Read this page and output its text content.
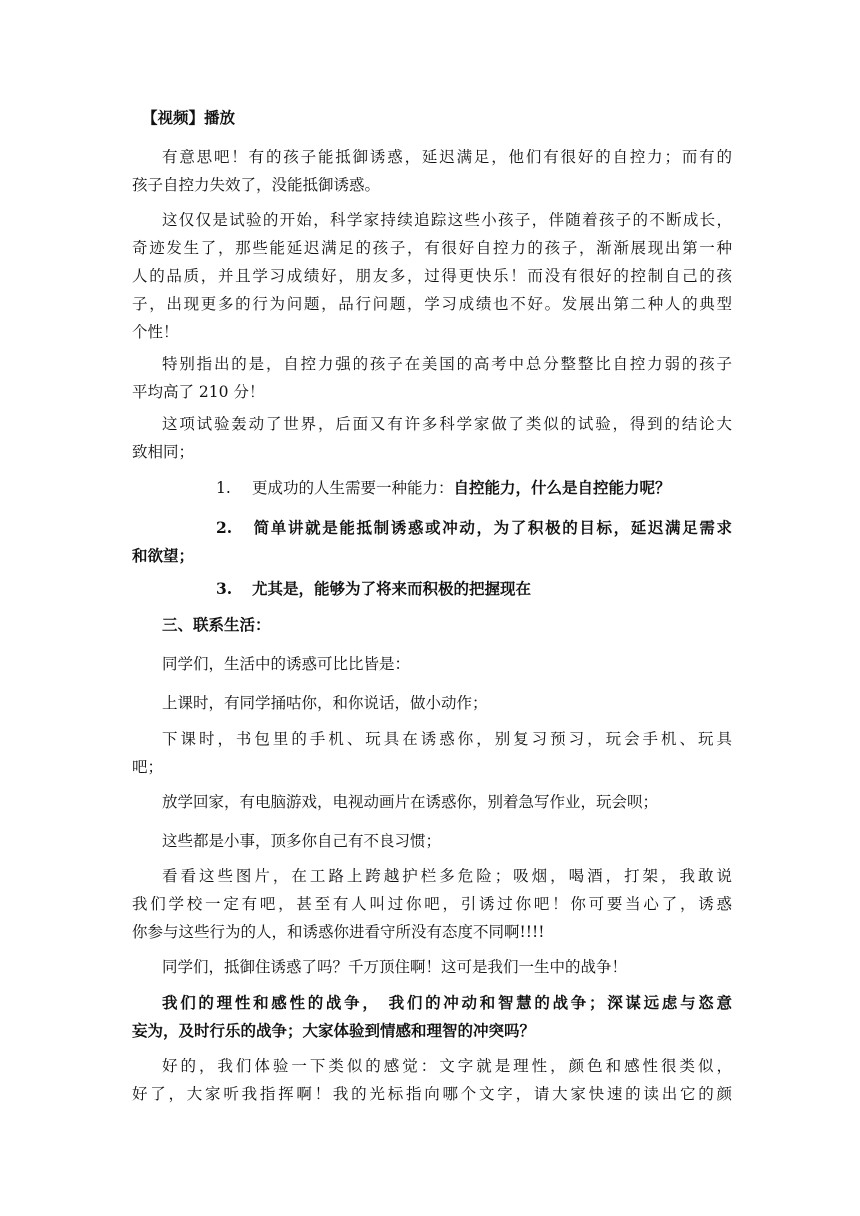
【视频】播放
有意思吧！有的孩子能抵御诱惑，延迟满足，他们有很好的自控力；而有的
孩子自控力失效了，没能抵御诱惑。
这仅仅是试验的开始，科学家持续追踪这些小孩子，伴随着孩子的不断成长，
奇迹发生了，那些能延迟满足的孩子，有很好自控力的孩子，渐渐展现出第一种
人的品质，并且学习成绩好，朋友多，过得更快乐！而没有很好的控制自己的孩
子，出现更多的行为问题，品行问题，学习成绩也不好。发展出第二种人的典型
个性！
特别指出的是，自控力强的孩子在美国的高考中总分整整比自控力弱的孩子
平均高了 210 分！
这项试验轰动了世界，后面又有许多科学家做了类似的试验，得到的结论大
致相同；
1. 更成功的人生需要一种能力：自控能力，什么是自控能力呢？
2. 简单讲就是能抵制诱惑或冲动，为了积极的目标，延迟满足需求
和欲望；
3. 尤其是，能够为了将来而积极的把握现在
三、联系生活：
同学们，生活中的诱惑可比比皆是：
上课时，有同学捅咕你，和你说话，做小动作；
下课时，书包里的手机、玩具在诱惑你，别复习预习，玩会手机、玩具
吧；
放学回家，有电脑游戏，电视动画片在诱惑你，别着急写作业，玩会呗；
这些都是小事，顶多你自己有不良习惯；
看看这些图片，在工路上跨越护栏多危险；吸烟，喝酒，打架，我敢说
我们学校一定有吧，甚至有人叫过你吧，引诱过你吧！你可要当心了，诱惑
你参与这些行为的人，和诱惑你进看守所没有态度不同啊!!!!
同学们，抵御住诱惑了吗？千万顶住啊！这可是我们一生中的战争！
我们的理性和感性的战争， 我们的冲动和智慧的战争；深谋远虑与恣意
妄为，及时行乐的战争；大家体验到情感和理智的冲突吗？
好的，我们体验一下类似的感觉：文字就是理性，颜色和感性很类似，
好了，大家听我指挥啊！我的光标指向哪个文字，请大家快速的读出它的颜
